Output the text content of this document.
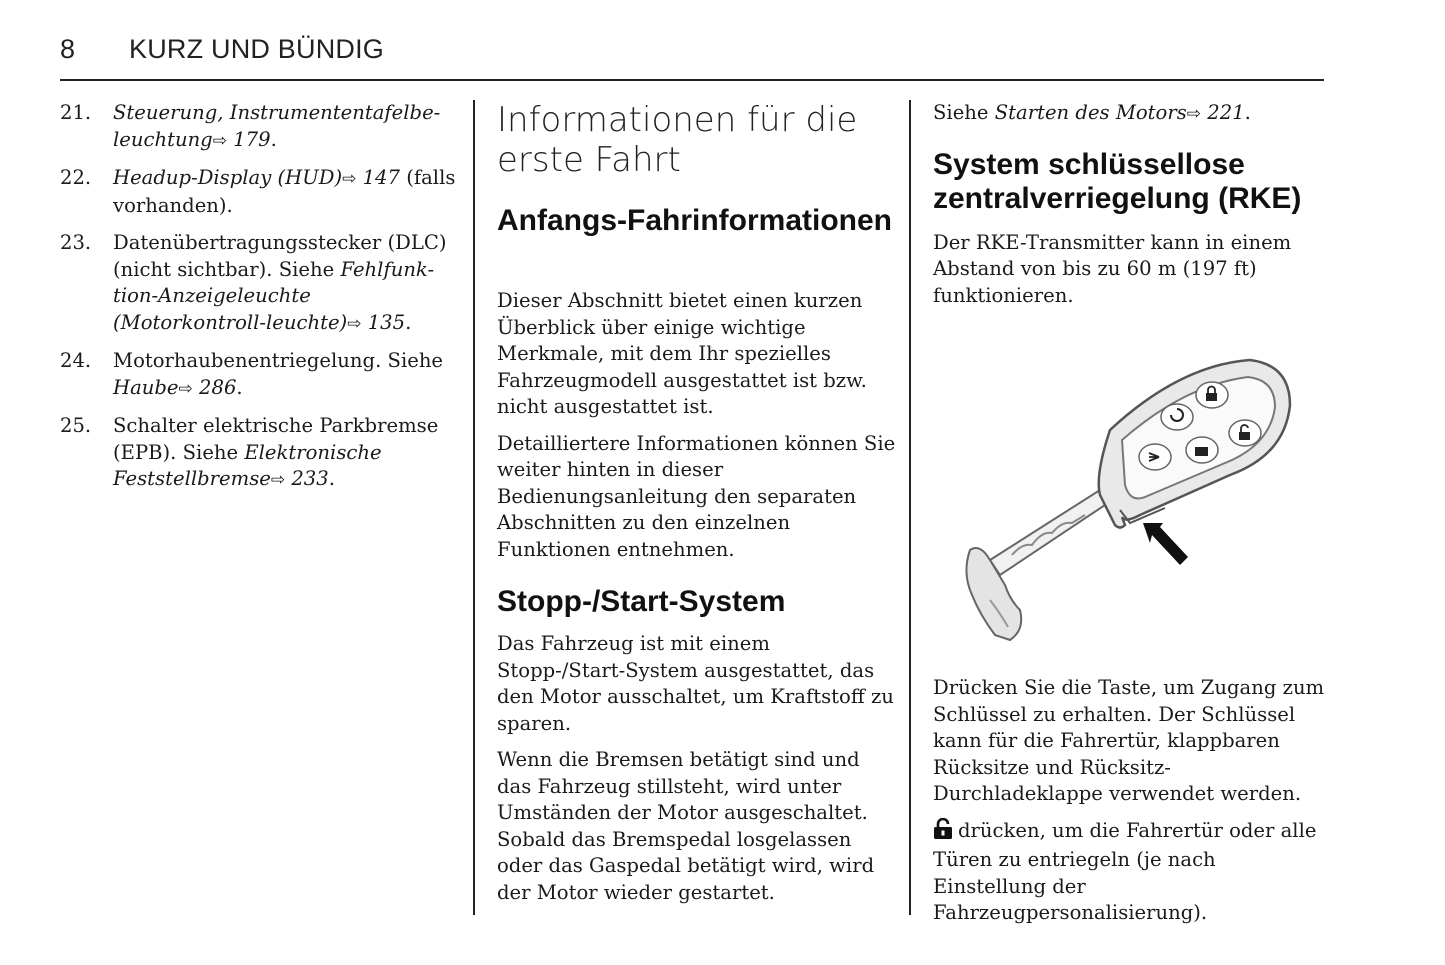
8 KURZ UND BÜNDIG
21. Steuerung, Instrumententafelbe-leuchtung⇨ 179.
22. Headup-Display (HUD)⇨ 147 (falls vorhanden).
23. Datenübertragungsstecker (DLC) (nicht sichtbar). Siehe Fehlfunk-tion-Anzeigeleuchte (Motorkontroll-leuchte)⇨ 135.
24. Motorhaubenentriegelung. Siehe Haube⇨ 286.
25. Schalter elektrische Parkbremse (EPB). Siehe Elektronische Feststellbremse⇨ 233.
Informationen für die erste Fahrt
Anfangs-Fahrinformationen

Dieser Abschnitt bietet einen kurzen Überblick über einige wichtige Merkmale, mit dem Ihr spezielles Fahrzeugmodell ausgestattet ist bzw. nicht ausgestattet ist.

Detailliertere Informationen können Sie weiter hinten in dieser Bedienungsanleitung den separaten Abschnitten zu den einzelnen Funktionen entnehmen.

Stopp-/Start-System

Das Fahrzeug ist mit einem Stopp-/Start-System ausgestattet, das den Motor ausschaltet, um Kraftstoff zu sparen.

Wenn die Bremsen betätigt sind und das Fahrzeug stillsteht, wird unter Umständen der Motor ausgeschaltet. Sobald das Bremspedal losgelassen oder das Gaspedal betätigt wird, wird der Motor wieder gestartet.

Siehe Starten des Motors⇨ 221.

System schlüssellose zentralverriegelung (RKE)

Der RKE-Transmitter kann in einem Abstand von bis zu 60 m (197 ft) funktionieren.

Drücken Sie die Taste, um Zugang zum Schlüssel zu erhalten. Der Schlüssel kann für die Fahrertür, klappbaren Rücksitze und Rücksitz-Durchladeklappe verwendet werden.

drücken, um die Fahrertür oder alle Türen zu entriegeln (je nach Einstellung der Fahrzeugpersonalisierung).
